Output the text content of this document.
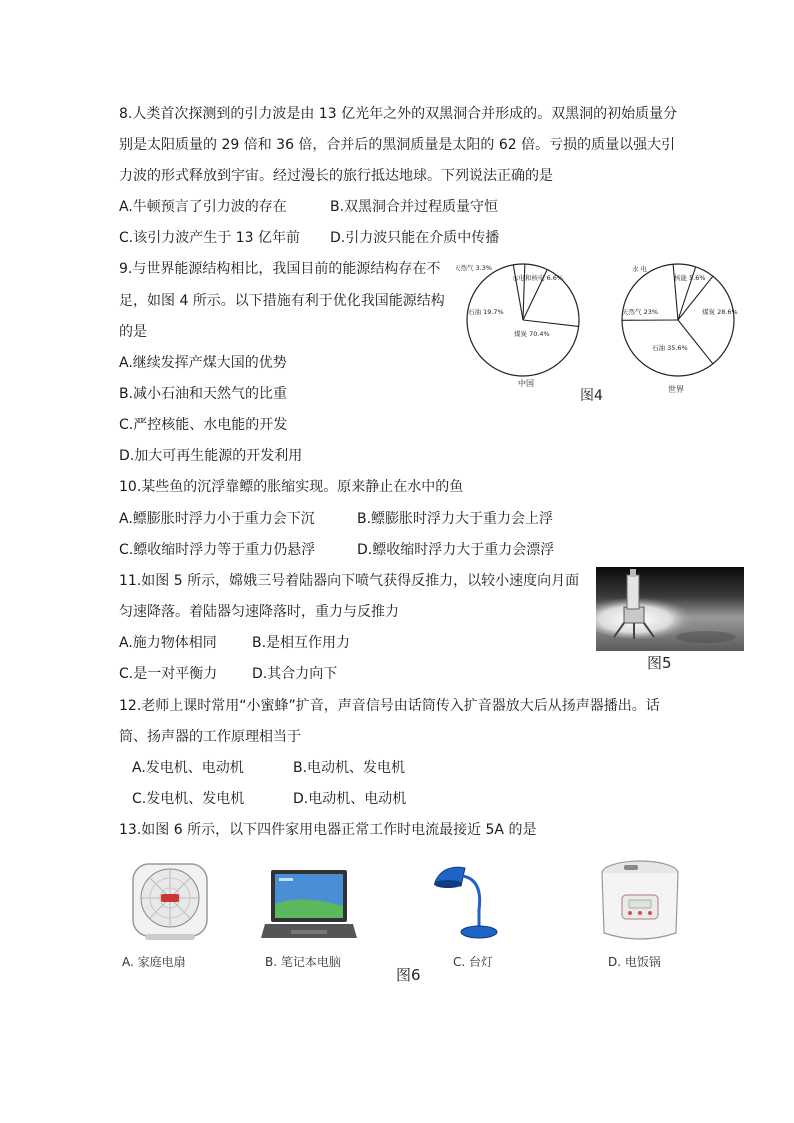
8.人类首次探测到的引力波是由 13 亿光年之外的双黑洞合并形成的。双黑洞的初始质量分
别是太阳质量的 29 倍和 36 倍，合并后的黑洞质量是太阳的 62 倍。亏损的质量以强大引
力波的形式释放到宇宙。经过漫长的旅行抵达地球。下列说法正确的是
A.牛顿预言了引力波的存在	B.双黑洞合并过程质量守恒
C.该引力波产生于 13 亿年前 D.引力波只能在介质中传播
9.与世界能源结构相比，我国目前的能源结构存在不
足，如图 4 所示。以下措施有利于优化我国能源结构
的是
A.继续发挥产煤大国的优势
B.减小石油和天然气的比重
C.严控核能、水电能的开发
D.加大可再生能源的开发利用
天然气 3.3%
水电和核电 6.6%
石油 19.7%
煤炭 70.4%
中国
水 电
核能 5.6%
煤炭 28.6%
石油 35.6%
天然气 23%
世界
图4
10.某些鱼的沉浮靠鳔的胀缩实现。原来静止在水中的鱼
A.鳔膨胀时浮力小于重力会下沉	B.鳔膨胀时浮力大于重力会上浮
C.鳔收缩时浮力等于重力仍悬浮	D.鳔收缩时浮力大于重力会漂浮
11.如图 5 所示，嫦娥三号着陆器向下喷气获得反推力，以较小速度向月面
匀速降落。着陆器匀速降落时，重力与反推力
A.施力物体相同	B.是相互作用力
C.是一对平衡力 D.其合力向下
图5
12.老师上课时常用“小蜜蜂”扩音，声音信号由话筒传入扩音器放大后从扬声器播出。话
筒、扬声器的工作原理相当于
A.发电机、电动机	B.电动机、发电机
C.发电机、发电机	D.电动机、电动机
13.如图 6 所示，以下四件家用电器正常工作时电流最接近 5A 的是
A. 家庭电扇	B. 笔记本电脑	C. 台灯	D. 电饭锅
图6
